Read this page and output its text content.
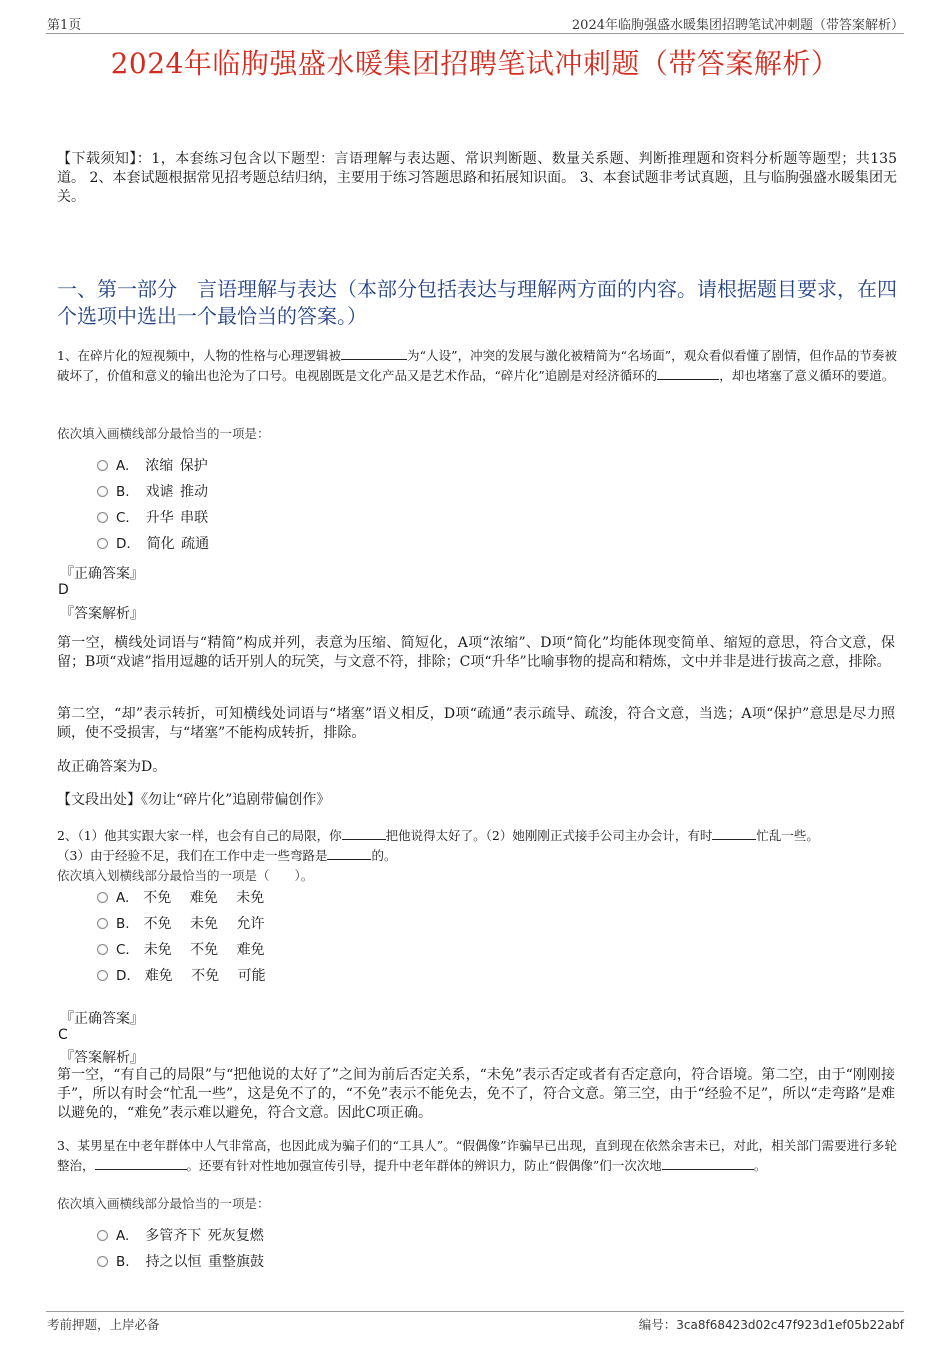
第1页	2024年临朐强盛水暖集团招聘笔试冲刺题（带答案解析）
2024年临朐强盛水暖集团招聘笔试冲刺题（带答案解析）
【下载须知】：1，本套练习包含以下题型：言语理解与表达题、常识判断题、数量关系题、判断推理题和资料分析题等题型；共135道。 2、本套试题根据常见招考题总结归纳，主要用于练习答题思路和拓展知识面。 3、本套试题非考试真题，且与临朐强盛水暖集团无关。
一、第一部分　言语理解与表达（本部分包括表达与理解两方面的内容。请根据题目要求，在四个选项中选出一个最恰当的答案。）
1、在碎片化的短视频中，人物的性格与心理逻辑被	为“人设”，冲突的发展与激化被精简为“名场面”，观众看似看懂了剧情，但作品的节奏被破坏了，价值和意义的输出也沦为了口号。电视剧既是文化产品又是艺术作品，“碎片化”追剧是对经济循环的	，却也堵塞了意义循环的要道。
依次填入画横线部分最恰当的一项是：
A. 浓缩 保护
B. 戏谑 推动
C. 升华 串联
D. 简化 疏通
『正确答案』
D
『答案解析』
第一空，横线处词语与“精简”构成并列，表意为压缩、简短化，A项“浓缩”、D项“简化”均能体现变简单、缩短的意思，符合文意，保留；B项“戏谑”指用逗趣的话开别人的玩笑，与文意不符，排除；C项“升华”比喻事物的提高和精炼，文中并非是进行拔高之意，排除。
第二空，“却”表示转折，可知横线处词语与“堵塞”语义相反，D项“疏通”表示疏导、疏浚，符合文意，当选；A项“保护”意思是尽力照顾，使不受损害，与“堵塞”不能构成转折，排除。
故正确答案为D。
【文段出处】《勿让“碎片化”追剧带偏创作》
2、（1）他其实跟大家一样，也会有自己的局限，你	把他说得太好了。（2）她刚刚正式接手公司主办会计，有时	忙乱一些。
（3）由于经验不足，我们在工作中走一些弯路是	的。
依次填入划横线部分最恰当的一项是（　　）。
A. 不免 难免 未免
B. 不免 未免 允许
C. 未免 不免 难免
D. 难免 不免 可能
『正确答案』
C
『答案解析』
第一空，“有自己的局限”与“把他说的太好了”之间为前后否定关系，“未免”表示否定或者有否定意向，符合语境。第二空，由于“刚刚接手”，所以有时会“忙乱一些”，这是免不了的，“不免”表示不能免去，免不了，符合文意。第三空，由于“经验不足”，所以“走弯路”是难以避免的，“难免”表示难以避免，符合文意。因此C项正确。
3、某男星在中老年群体中人气非常高，也因此成为骗子们的“工具人”。“假偶像”诈骗早已出现，直到现在依然余害未已，对此，相关部门需要进行多轮整治，	。还要有针对性地加强宣传引导，提升中老年群体的辨识力，防止“假偶像”们一次次地	。
依次填入画横线部分最恰当的一项是：
A. 多管齐下 死灰复燃
B. 持之以恒 重整旗鼓
考前押题，上岸必备	编号：3ca8f68423d02c47f923d1ef05b22abf
